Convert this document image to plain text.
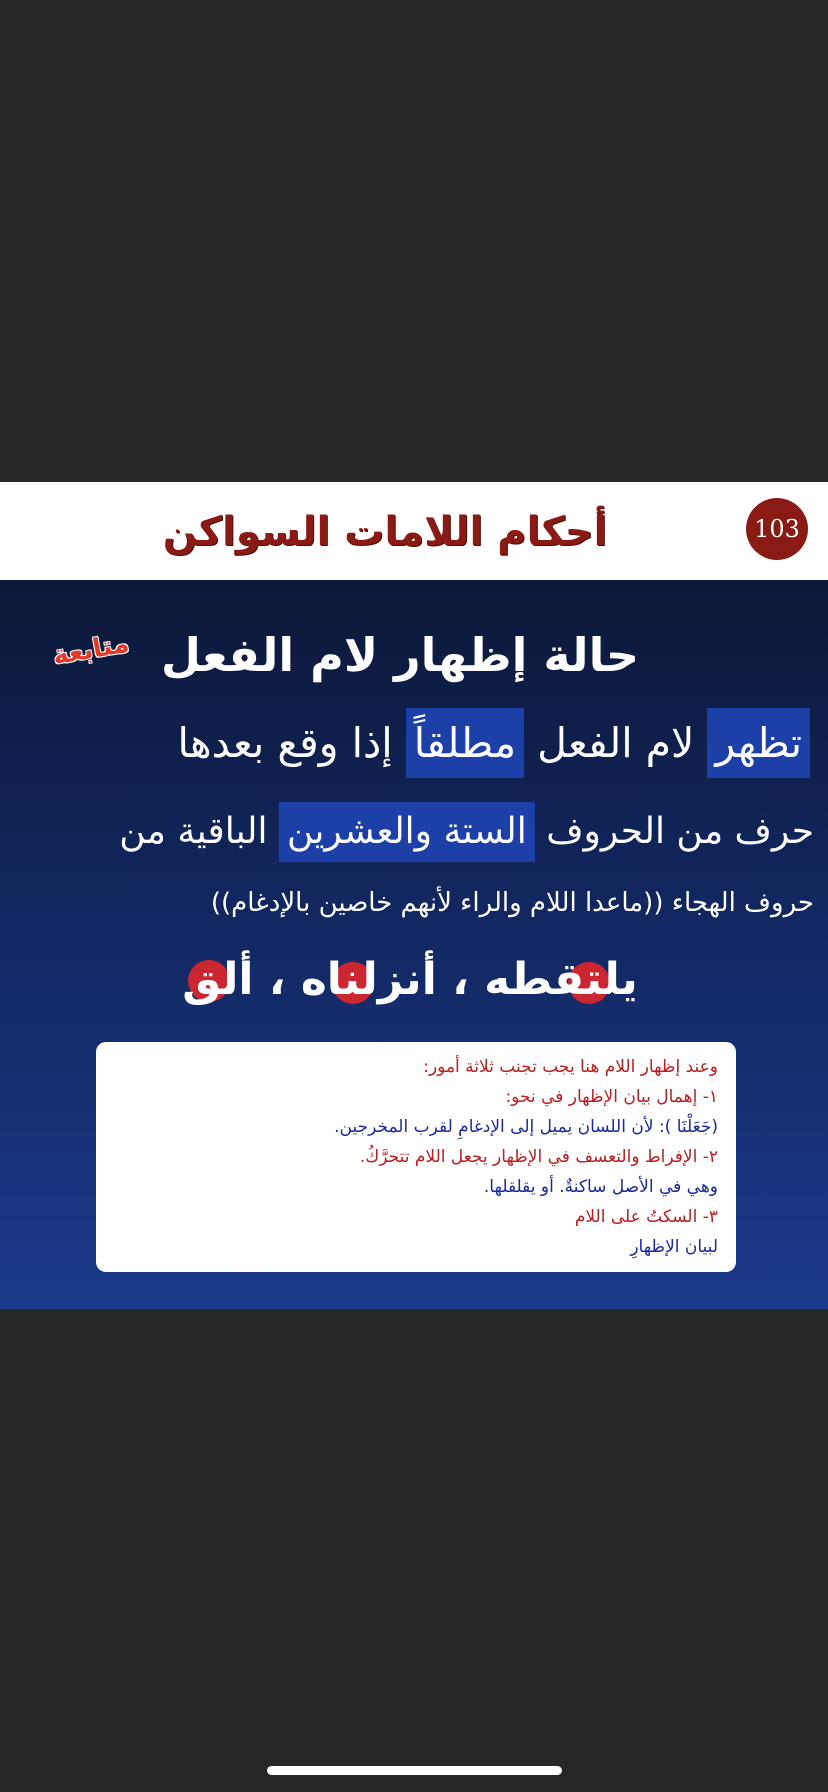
103
أحكام اللامات السواكن
متابعة حالة إظهار لام الفعل
تظهر لام الفعل مطلقاً إذا وقع بعدها
حرف من الحروف الستة والعشرين الباقية من
حروف الهجاء ((ماعدا اللام والراء لأنهم خاصين بالإدغام))
يلتقطه ، أنزلناه ، ألق
وعند إظهار اللام هنا يجب تجنب ثلاثة أمور:
١- إهمال بيان الإظهار في نحو:
(جَعَلْنَا ): لأن اللسان يميل إلى الإدغامِ لقرب المخرجين.
٢- الإفراط والتعسف في الإظهار يجعل اللام تتحرَّكُ.
وهي في الأصل ساكنةٌ. أو يقلقلها.
٣- السكتُ على اللام
لبيان الإظهارِ
